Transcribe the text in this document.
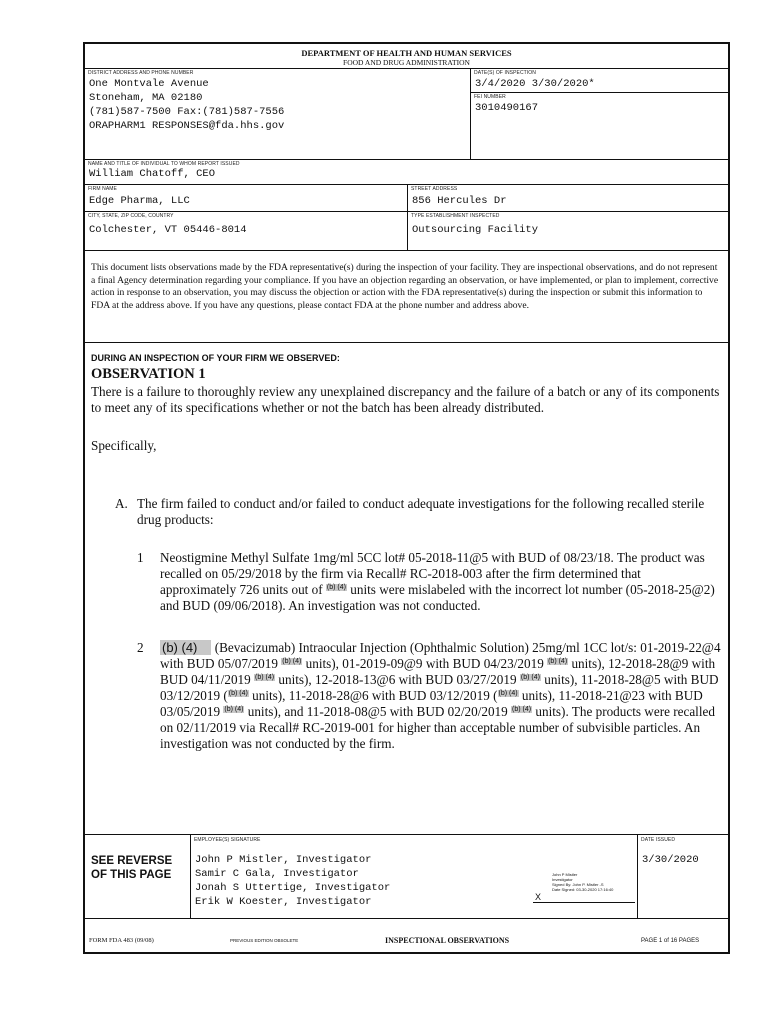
DEPARTMENT OF HEALTH AND HUMAN SERVICES
FOOD AND DRUG ADMINISTRATION
DISTRICT ADDRESS AND PHONE NUMBER
One Montvale Avenue
Stoneham, MA 02180
(781)587-7500 Fax:(781)587-7556
ORAPHARM1 RESPONSES@fda.hhs.gov
DATE(S) OF INSPECTION
3/4/2020 3/30/2020*
FEI NUMBER
3010490167
NAME AND TITLE OF INDIVIDUAL TO WHOM REPORT ISSUED
William Chatoff, CEO
FIRM NAME
Edge Pharma, LLC
STREET ADDRESS
856 Hercules Dr
CITY, STATE, ZIP CODE, COUNTRY
Colchester, VT 05446-8014
TYPE ESTABLISHMENT INSPECTED
Outsourcing Facility
This document lists observations made by the FDA representative(s) during the inspection of your facility. They are inspectional observations, and do not represent a final Agency determination regarding your compliance. If you have an objection regarding an observation, or have implemented, or plan to implement, corrective action in response to an observation, you may discuss the objection or action with the FDA representative(s) during the inspection or submit this information to FDA at the address above. If you have any questions, please contact FDA at the phone number and address above.
DURING AN INSPECTION OF YOUR FIRM WE OBSERVED:
OBSERVATION 1
There is a failure to thoroughly review any unexplained discrepancy and the failure of a batch or any of its components to meet any of its specifications whether or not the batch has been already distributed.
Specifically,
A. The firm failed to conduct and/or failed to conduct adequate investigations for the following recalled sterile drug products:
1 Neostigmine Methyl Sulfate 1mg/ml 5CC lot# 05-2018-11@5 with BUD of 08/23/18. The product was recalled on 05/29/2018 by the firm via Recall# RC-2018-003 after the firm determined that approximately 726 units out of $^{(b) (4)}$ units were mislabeled with the incorrect lot number (05-2018-25@2) and BUD (09/06/2018). An investigation was not conducted.
2 (b) (4) (Bevacizumab) Intraocular Injection (Ophthalmic Solution) 25mg/ml 1CC lot/s: 01-2019-22@4 with BUD 05/07/2019 $^{(b) (4)}$ units), 01-2019-09@9 with BUD 04/23/2019 $^{(b) (4)}$ units), 12-2018-28@9 with BUD 04/11/2019 $^{(b) (4)}$ units), 12-2018-13@6 with BUD 03/27/2019 $^{(b) (4)}$ units), 11-2018-28@5 with BUD 03/12/2019 ($^{(b) (4)}$ units), 11-2018-28@6 with BUD 03/12/2019 ($^{(b) (4)}$ units), 11-2018-21@23 with BUD 03/05/2019 $^{(b) (4)}$ units), and 11-2018-08@5 with BUD 02/20/2019 $^{(b) (4)}$ units). The products were recalled on 02/11/2019 via Recall# RC-2019-001 for higher than acceptable number of subvisible particles. An investigation was not conducted by the firm.
SEE REVERSE OF THIS PAGE
EMPLOYEE(S) SIGNATURE
John P Mistler, Investigator
Samir C Gala, Investigator
Jonah S Uttertige, Investigator
Erik W Koester, Investigator
John P Mistler
Investigator
Signed By: John P. Mistler -S
Date Signed: 03-30-2020 17:16:40
X
DATE ISSUED
3/30/2020
FORM FDA 483 (09/08)	PREVIOUS EDITION OBSOLETE	INSPECTIONAL OBSERVATIONS	PAGE 1 of 16 PAGES
